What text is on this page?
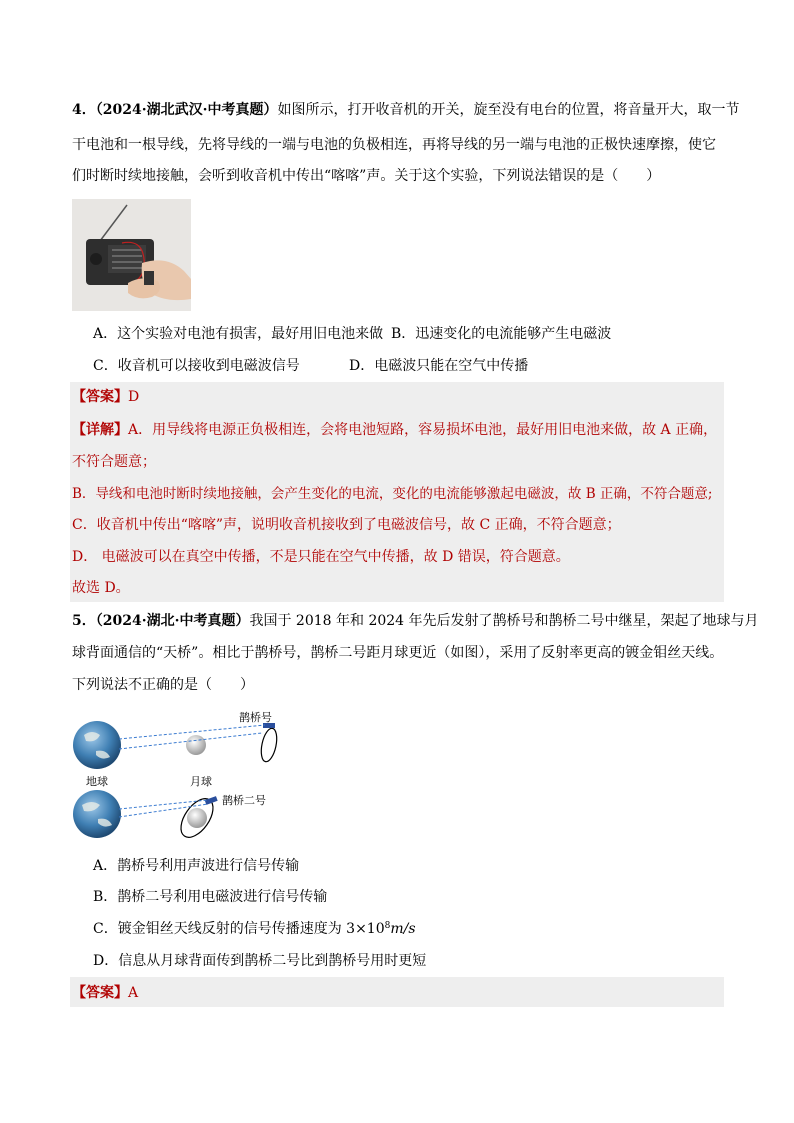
4．（2024·湖北武汉·中考真题）如图所示，打开收音机的开关，旋至没有电台的位置，将音量开大，取一节
干电池和一根导线，先将导线的一端与电池的负极相连，再将导线的另一端与电池的正极快速摩擦，使它
们时断时续地接触，会听到收音机中传出“喀喀”声。关于这个实验，下列说法错误的是（　　）
A．这个实验对电池有损害，最好用旧电池来做 B．迅速变化的电流能够产生电磁波
C．收音机可以接收到电磁波信号	D．电磁波只能在空气中传播
【答案】D
【详解】A．用导线将电源正负极相连，会将电池短路，容易损坏电池，最好用旧电池来做，故 A 正确，
不符合题意；
B．导线和电池时断时续地接触，会产生变化的电流，变化的电流能够激起电磁波，故 B 正确，不符合题意;
C．收音机中传出“喀喀”声，说明收音机接收到了电磁波信号，故 C 正确，不符合题意；
D． 电磁波可以在真空中传播，不是只能在空气中传播，故 D 错误，符合题意。
故选 D。
5．（2024·湖北·中考真题）我国于 2018 年和 2024 年先后发射了鹊桥号和鹊桥二号中继星，架起了地球与月
球背面通信的“天桥”。相比于鹊桥号，鹊桥二号距月球更近（如图），采用了反射率更高的镀金钼丝天线。
下列说法不正确的是（　　）
鹊桥号
地球	月球
鹊桥二号
A．鹊桥号利用声波进行信号传输
B．鹊桥二号利用电磁波进行信号传输
C．镀金钼丝天线反射的信号传播速度为 $3\times 10^8m/s$
D．信息从月球背面传到鹊桥二号比到鹊桥号用时更短
【答案】A
